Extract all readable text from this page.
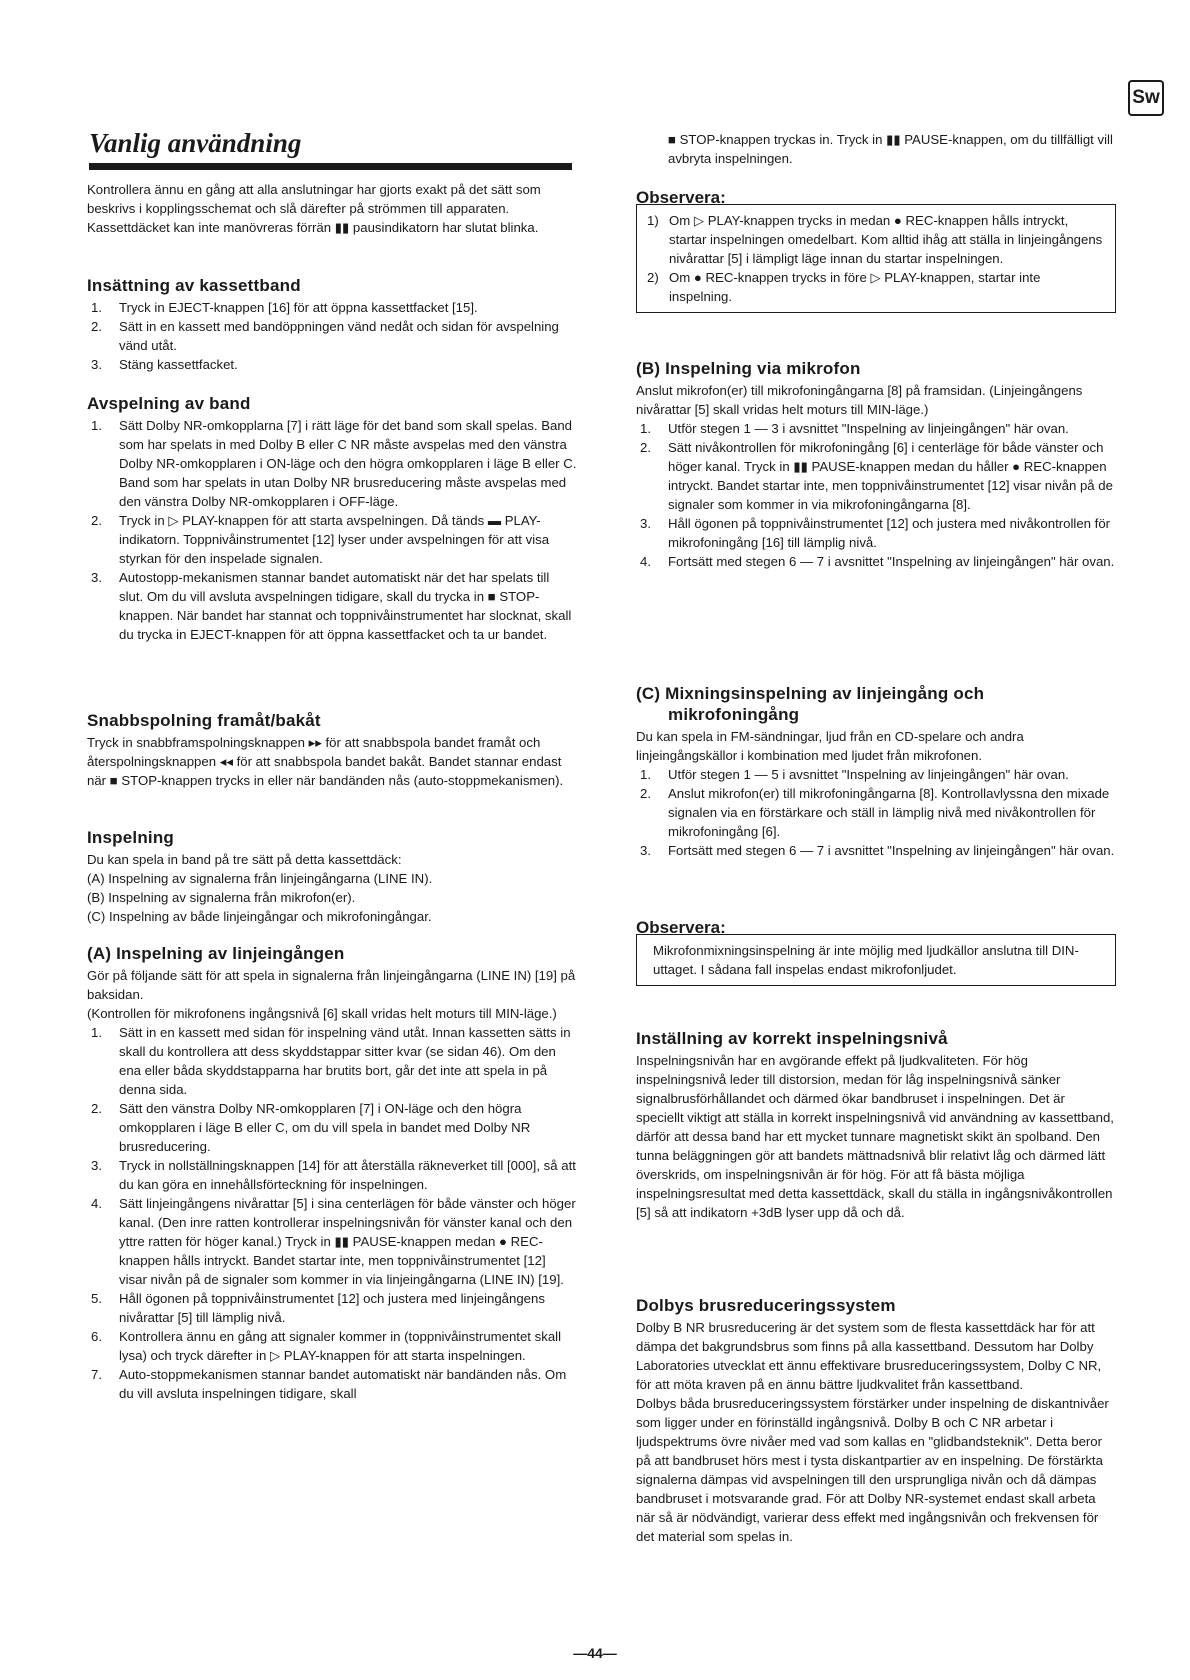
Sw
Vanlig användning

Kontrollera ännu en gång att alla anslutningar har gjorts exakt på det sätt som beskrivs i kopplingsschemat och slå därefter på strömmen till apparaten. Kassettdäcket kan inte manövreras förrän ▮▮ pausindikatorn har slutat blinka.

Insättning av kassettband
1. Tryck in EJECT-knappen [16] för att öppna kassettfacket [15].
2. Sätt in en kassett med bandöppningen vänd nedåt och sidan för avspelning vänd utåt.
3. Stäng kassettfacket.
Avspelning av band
1. Sätt Dolby NR-omkopplarna [7] i rätt läge för det band som skall spelas. Band som har spelats in med Dolby B eller C NR måste avspelas med den vänstra Dolby NR-omkopplaren i ON-läge och den högra omkopplaren i läge B eller C. Band som har spelats in utan Dolby NR brusreducering måste avspelas med den vänstra Dolby NR-omkopplaren i OFF-läge.
2. Tryck in ▷ PLAY-knappen för att starta avspelningen. Då tänds ▬ PLAY-indikatorn. Toppnivåinstrumentet [12] lyser under avspelningen för att visa styrkan för den inspelade signalen.
3. Autostopp-mekanismen stannar bandet automatiskt när det har spelats till slut. Om du vill avsluta avspelningen tidigare, skall du trycka in ■ STOP-knappen. När bandet har stannat och toppnivåinstrumentet har slocknat, skall du trycka in EJECT-knappen för att öppna kassettfacket och ta ur bandet.
Snabbspolning framåt/bakåt

Tryck in snabbframspolningsknappen ▸▸ för att snabbspola bandet framåt och återspolningsknappen ◂◂ för att snabbspola bandet bakåt. Bandet stannar endast när ■ STOP-knappen trycks in eller när bandänden nås (auto-stoppmekanismen).

Inspelning

Du kan spela in band på tre sätt på detta kassettdäck:

(A) Inspelning av signalerna från linjeingångarna (LINE IN).

(B) Inspelning av signalerna från mikrofon(er).

(C) Inspelning av både linjeingångar och mikrofoningångar.

(A) Inspelning av linjeingången

Gör på följande sätt för att spela in signalerna från linjeingångarna (LINE IN) [19] på baksidan.

(Kontrollen för mikrofonens ingångsnivå [6] skall vridas helt moturs till MIN-läge.)

1. Sätt in en kassett med sidan för inspelning vänd utåt. Innan kassetten sätts in skall du kontrollera att dess skyddstappar sitter kvar (se sidan 46). Om den ena eller båda skyddstapparna har brutits bort, går det inte att spela in på denna sida.
2. Sätt den vänstra Dolby NR-omkopplaren [7] i ON-läge och den högra omkopplaren i läge B eller C, om du vill spela in bandet med Dolby NR brusreducering.
3. Tryck in nollställningsknappen [14] för att återställa räkneverket till [000], så att du kan göra en innehållsförteckning för inspelningen.
4. Sätt linjeingångens nivårattar [5] i sina centerlägen för både vänster och höger kanal. (Den inre ratten kontrollerar inspelningsnivån för vänster kanal och den yttre ratten för höger kanal.) Tryck in ▮▮ PAUSE-knappen medan ● REC-knappen hålls intryckt. Bandet startar inte, men toppnivåinstrumentet [12] visar nivån på de signaler som kommer in via linjeingångarna (LINE IN) [19].
5. Håll ögonen på toppnivåinstrumentet [12] och justera med linjeingångens nivårattar [5] till lämplig nivå.
6. Kontrollera ännu en gång att signaler kommer in (toppnivåinstrumentet skall lysa) och tryck därefter in ▷ PLAY-knappen för att starta inspelningen.
7. Auto-stoppmekanismen stannar bandet automatiskt när bandänden nås. Om du vill avsluta inspelningen tidigare, skall

■ STOP-knappen tryckas in. Tryck in ▮▮ PAUSE-knappen, om du tillfälligt vill avbryta inspelningen.

Observera:
1) Om ▷ PLAY-knappen trycks in medan ● REC-knappen hålls intryckt, startar inspelningen omedelbart. Kom alltid ihåg att ställa in linjeingångens nivårattar [5] i lämpligt läge innan du startar inspelningen.
2) Om ● REC-knappen trycks in före ▷ PLAY-knappen, startar inte inspelning.
(B) Inspelning via mikrofon

Anslut mikrofon(er) till mikrofoningångarna [8] på framsidan. (Linjeingångens nivårattar [5] skall vridas helt moturs till MIN-läge.)

1. Utför stegen 1 — 3 i avsnittet "Inspelning av linjeingången" här ovan.
2. Sätt nivåkontrollen för mikrofoningång [6] i centerläge för både vänster och höger kanal. Tryck in ▮▮ PAUSE-knappen medan du håller ● REC-knappen intryckt. Bandet startar inte, men toppnivåinstrumentet [12] visar nivån på de signaler som kommer in via mikrofoningångarna [8].
3. Håll ögonen på toppnivåinstrumentet [12] och justera med nivåkontrollen för mikrofoningång [16] till lämplig nivå.
4. Fortsätt med stegen 6 — 7 i avsnittet "Inspelning av linjeingången" här ovan.
(C) Mixningsinspelning av linjeingång och
mikrofoningång

Du kan spela in FM-sändningar, ljud från en CD-spelare och andra linjeingångskällor i kombination med ljudet från mikrofonen.

1. Utför stegen 1 — 5 i avsnittet "Inspelning av linjeingången" här ovan.
2. Anslut mikrofon(er) till mikrofoningångarna [8]. Kontrollavlyssna den mixade signalen via en förstärkare och ställ in lämplig nivå med nivåkontrollen för mikrofoningång [6].
3. Fortsätt med stegen 6 — 7 i avsnittet "Inspelning av linjeingången" här ovan.
Observera:

Mikrofonmixningsinspelning är inte möjlig med ljudkällor anslutna till DIN-uttaget. I sådana fall inspelas endast mikrofonljudet.

Inställning av korrekt inspelningsnivå

Inspelningsnivån har en avgörande effekt på ljudkvaliteten. För hög inspelningsnivå leder till distorsion, medan för låg inspelningsnivå sänker signalbrusförhållandet och därmed ökar bandbruset i inspelningen. Det är speciellt viktigt att ställa in korrekt inspelningsnivå vid användning av kassettband, därför att dessa band har ett mycket tunnare magnetiskt skikt än spolband. Den tunna beläggningen gör att bandets mättnadsnivå blir relativt låg och därmed lätt överskrids, om inspelningsnivån är för hög. För att få bästa möjliga inspelningsresultat med detta kassettdäck, skall du ställa in ingångsnivåkontrollen [5] så att indikatorn +3dB lyser upp då och då.

Dolbys brusreduceringssystem

Dolby B NR brusreducering är det system som de flesta kassettdäck har för att dämpa det bakgrundsbrus som finns på alla kassettband. Dessutom har Dolby Laboratories utvecklat ett ännu effektivare brusreduceringssystem, Dolby C NR, för att möta kraven på en ännu bättre ljudkvalitet från kassettband.

Dolbys båda brusreduceringssystem förstärker under inspelning de diskantnivåer som ligger under en förinställd ingångsnivå. Dolby B och C NR arbetar i ljudspektrums övre nivåer med vad som kallas en "glidbandsteknik". Detta beror på att bandbruset hörs mest i tysta diskantpartier av en inspelning. De förstärkta signalerna dämpas vid avspelningen till den ursprungliga nivån och då dämpas bandbruset i motsvarande grad. För att Dolby NR-systemet endast skall arbeta när så är nödvändigt, varierar dess effekt med ingångsnivån och frekvensen för det material som spelas in.

—44—
